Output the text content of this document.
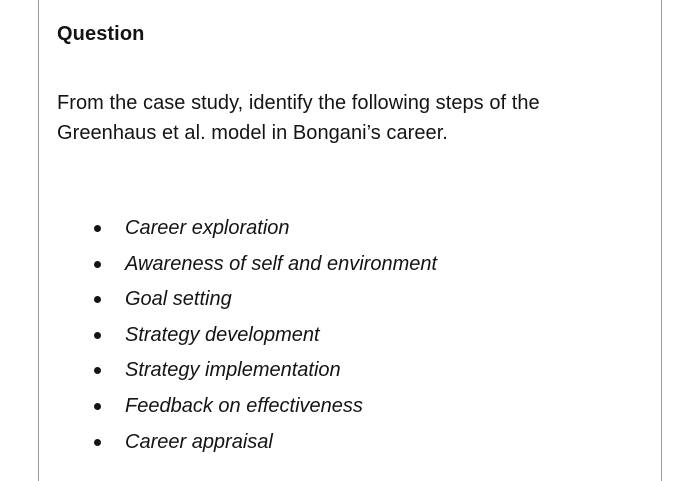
Question

From the case study, identify the following steps of the
Greenhaus et al. model in Bongani’s career.

Career exploration
Awareness of self and environment
Goal setting
Strategy development
Strategy implementation
Feedback on effectiveness
Career appraisal
